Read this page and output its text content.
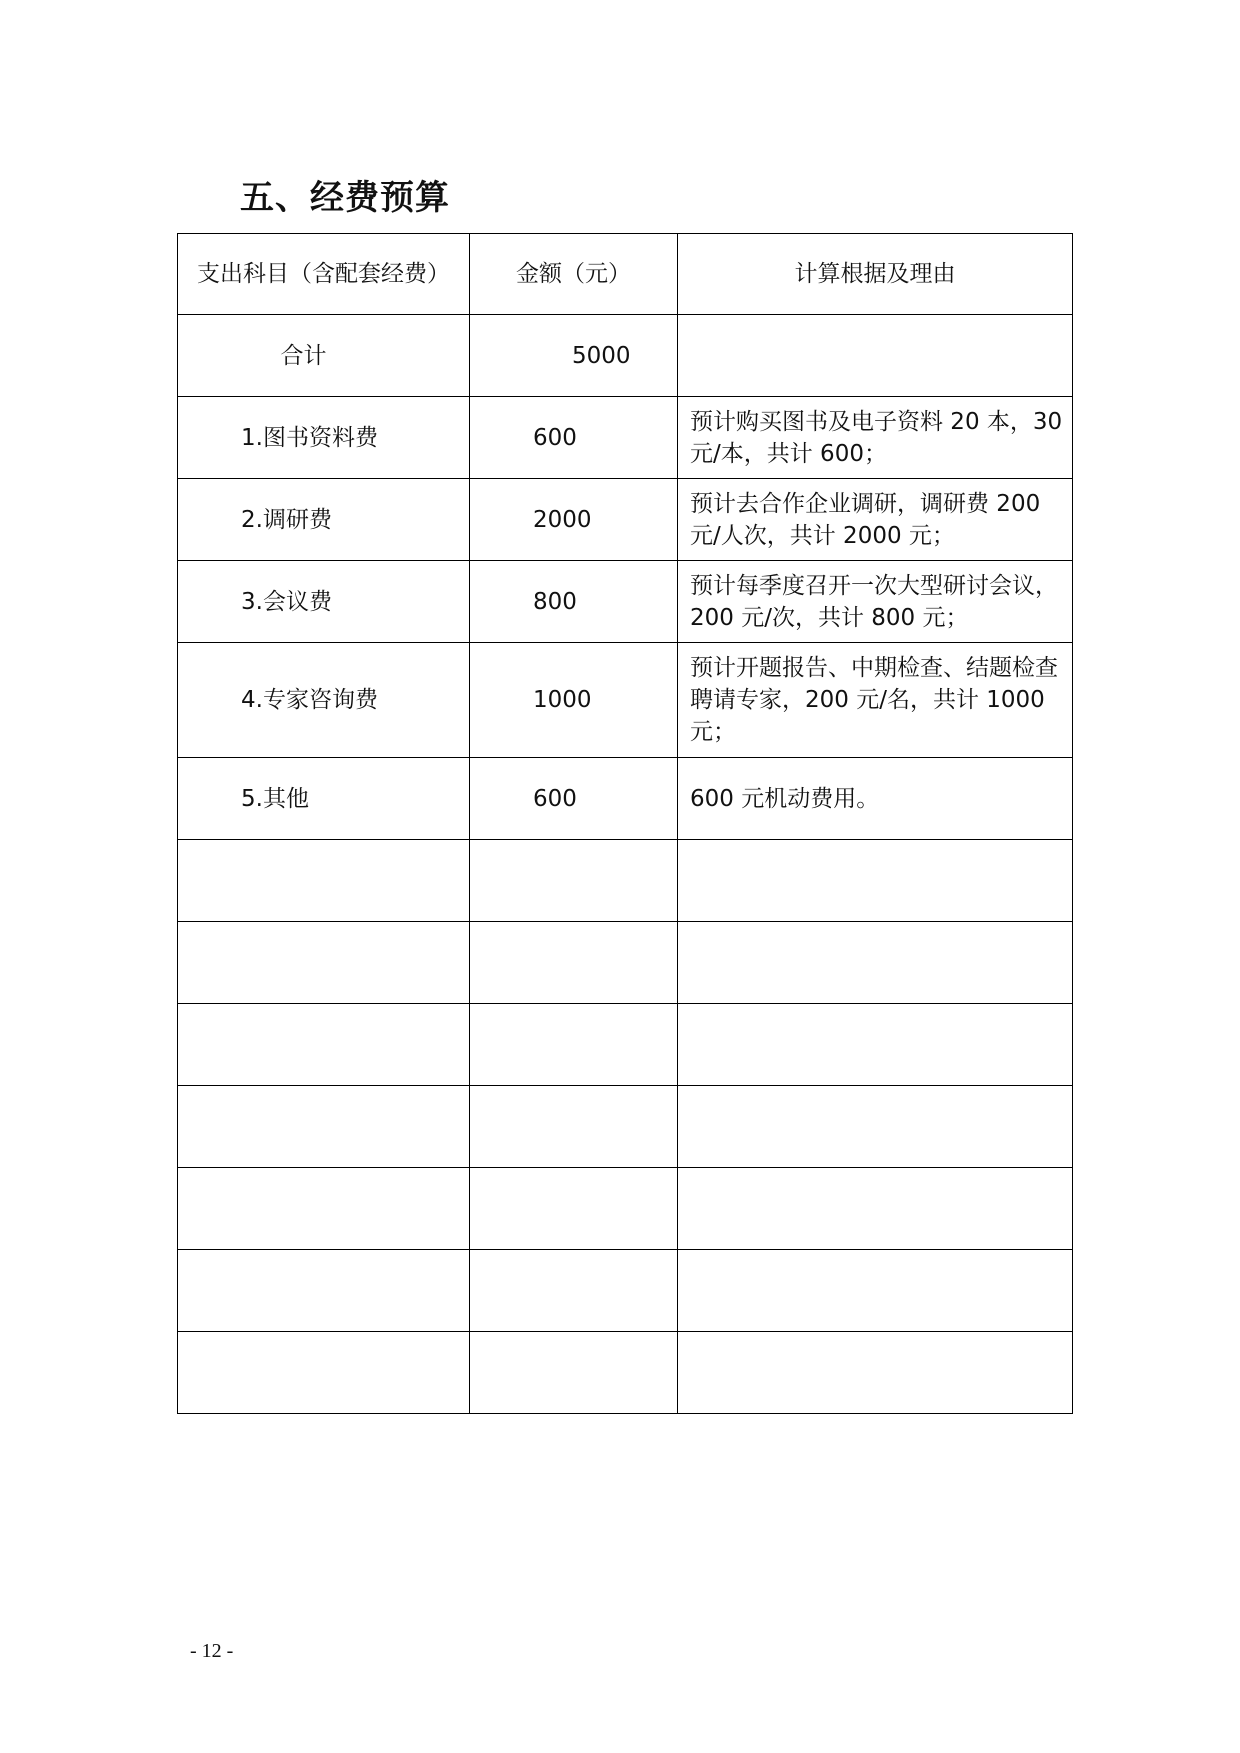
五、经费预算
支出科目（含配套经费）	金额（元）	计算根据及理由
合计	5000	
1.图书资料费	600	预计购买图书及电子资料 20 本，30 元/本，共计 600；
2.调研费	2000	预计去合作企业调研，调研费 200 元/人次，共计 2000 元；
3.会议费	800	预计每季度召开一次大型研讨会议，200 元/次，共计 800 元；
4.专家咨询费	1000	预计开题报告、中期检查、结题检查聘请专家，200 元/名，共计 1000 元；
5.其他	600	600 元机动费用。

- 12 -
